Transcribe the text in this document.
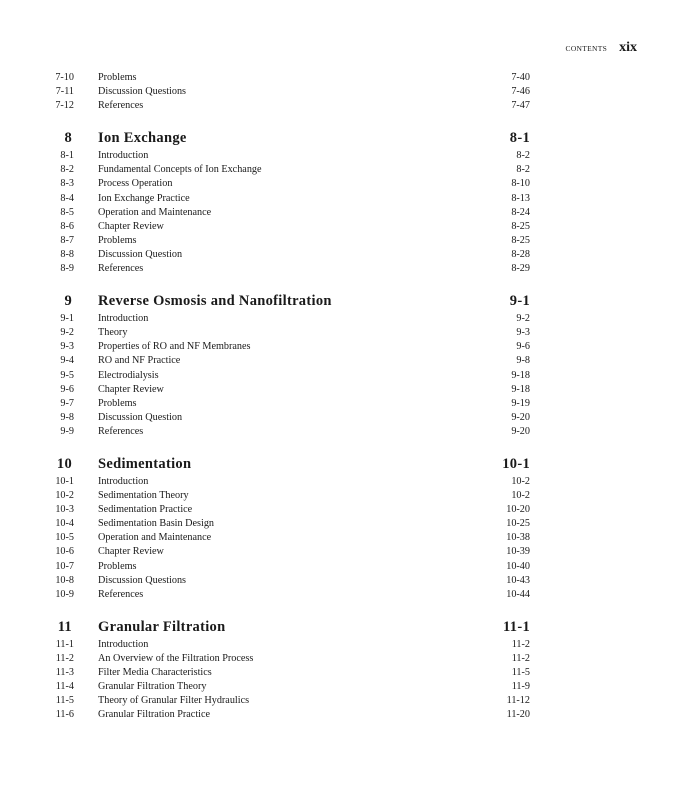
CONTENTS xix
7-10 Problems	7-40
7-11 Discussion Questions	7-46
7-12 References	7-47
8 Ion Exchange	8-1
8-1 Introduction	8-2
8-2 Fundamental Concepts of Ion Exchange	8-2
8-3 Process Operation	8-10
8-4 Ion Exchange Practice	8-13
8-5 Operation and Maintenance	8-24
8-6 Chapter Review	8-25
8-7 Problems	8-25
8-8 Discussion Question	8-28
8-9 References	8-29
9 Reverse Osmosis and Nanofiltration	9-1
9-1 Introduction	9-2
9-2 Theory	9-3
9-3 Properties of RO and NF Membranes	9-6
9-4 RO and NF Practice	9-8
9-5 Electrodialysis	9-18
9-6 Chapter Review	9-18
9-7 Problems	9-19
9-8 Discussion Question	9-20
9-9 References	9-20
10 Sedimentation	10-1
10-1 Introduction	10-2
10-2 Sedimentation Theory	10-2
10-3 Sedimentation Practice	10-20
10-4 Sedimentation Basin Design	10-25
10-5 Operation and Maintenance	10-38
10-6 Chapter Review	10-39
10-7 Problems	10-40
10-8 Discussion Questions	10-43
10-9 References	10-44
11 Granular Filtration	11-1
11-1 Introduction	11-2
11-2 An Overview of the Filtration Process	11-2
11-3 Filter Media Characteristics	11-5
11-4 Granular Filtration Theory	11-9
11-5 Theory of Granular Filter Hydraulics	11-12
11-6 Granular Filtration Practice	11-20
